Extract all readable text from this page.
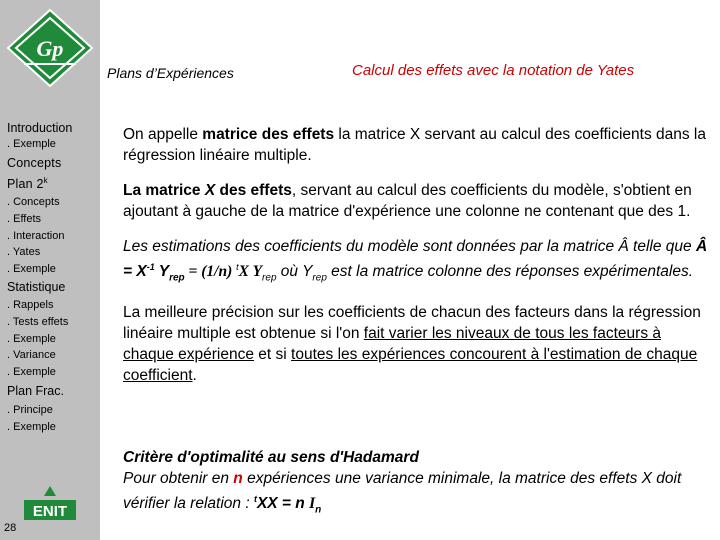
Gp
Introduction
. Exemple
Concepts
Plan 2$^k$
. Concepts
. Effets
. Interaction
. Yates
. Exemple
Statistique
. Rappels
. Tests effets
. Exemple
. Variance
. Exemple
Plan Frac.
. Principe
. Exemple
ENIT
28
Plans d’Expériences	Calcul des effets avec la notation de Yates

On appelle matrice des effets la matrice X servant au calcul des coefficients dans la régression linéaire multiple.

La matrice X des effets, servant au calcul des coefficients du modèle, s'obtient en ajoutant à gauche de la matrice d'expérience une colonne ne contenant que des 1.

Les estimations des coefficients du modèle sont données par la matrice Â telle que Â = $X^{-1}$ $Y_{rep} = (1/n)$ $^t$X $Y_{rep}$ où $Y_{rep}$ est la matrice colonne des réponses expérimentales.

La meilleure précision sur les coefficients de chacun des facteurs dans la régression linéaire multiple est obtenue si l'on fait varier les niveaux de tous les facteurs à chaque expérience et si toutes les expériences concourent à l'estimation de chaque coefficient.

Critère d'optimalité au sens d'Hadamard
Pour obtenir en n expériences une variance minimale, la matrice des effets X doit vérifier la relation : $^t$XX = n $I_n$
